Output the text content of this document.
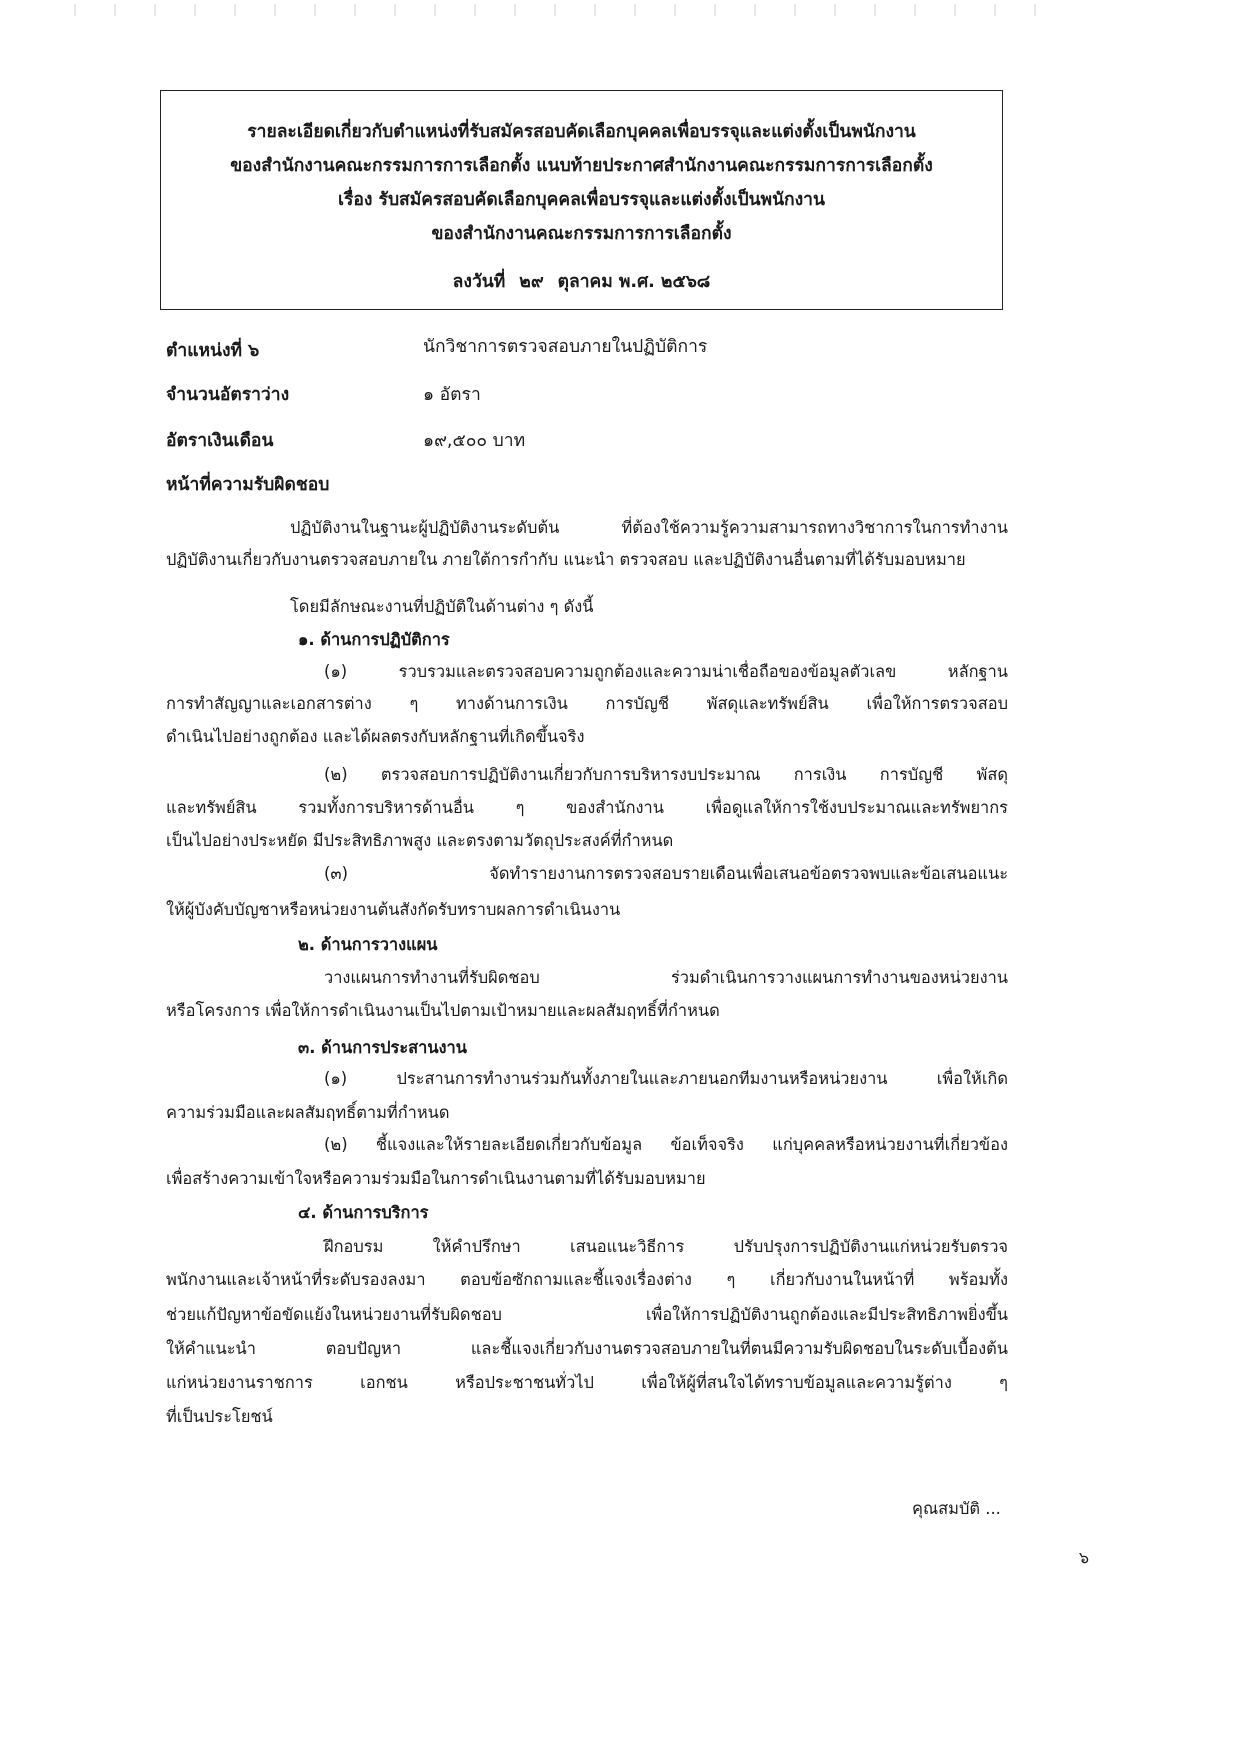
รายละเอียดเกี่ยวกับตำแหน่งที่รับสมัครสอบคัดเลือกบุคคลเพื่อบรรจุและแต่งตั้งเป็นพนักงาน
ของสำนักงานคณะกรรมการการเลือกตั้ง แนบท้ายประกาศสำนักงานคณะกรรมการการเลือกตั้ง
เรื่อง รับสมัครสอบคัดเลือกบุคคลเพื่อบรรจุและแต่งตั้งเป็นพนักงาน
ของสำนักงานคณะกรรมการการเลือกตั้ง
ลงวันที่ ๒๙ ตุลาคม พ.ศ. ๒๕๖๘
ตำแหน่งที่ ๖	นักวิชาการตรวจสอบภายในปฏิบัติการ
จำนวนอัตราว่าง	๑ อัตรา
อัตราเงินเดือน	๑๙,๕๐๐ บาท
หน้าที่ความรับผิดชอบ
ปฏิบัติงานในฐานะผู้ปฏิบัติงานระดับต้น ที่ต้องใช้ความรู้ความสามารถทางวิชาการในการทำงาน
ปฏิบัติงานเกี่ยวกับงานตรวจสอบภายใน ภายใต้การกำกับ แนะนำ ตรวจสอบ และปฏิบัติงานอื่นตามที่ได้รับมอบหมาย
โดยมีลักษณะงานที่ปฏิบัติในด้านต่าง ๆ ดังนี้
๑. ด้านการปฏิบัติการ
(๑) รวบรวมและตรวจสอบความถูกต้องและความน่าเชื่อถือของข้อมูลตัวเลข หลักฐาน
การทำสัญญาและเอกสารต่าง ๆ ทางด้านการเงิน การบัญชี พัสดุและทรัพย์สิน เพื่อให้การตรวจสอบ
ดำเนินไปอย่างถูกต้อง และได้ผลตรงกับหลักฐานที่เกิดขึ้นจริง
(๒) ตรวจสอบการปฏิบัติงานเกี่ยวกับการบริหารงบประมาณ การเงิน การบัญชี พัสดุ
และทรัพย์สิน รวมทั้งการบริหารด้านอื่น ๆ ของสำนักงาน เพื่อดูแลให้การใช้งบประมาณและทรัพยากร
เป็นไปอย่างประหยัด มีประสิทธิภาพสูง และตรงตามวัตถุประสงค์ที่กำหนด
(๓) จัดทำรายงานการตรวจสอบรายเดือนเพื่อเสนอข้อตรวจพบและข้อเสนอแนะ
ให้ผู้บังคับบัญชาหรือหน่วยงานต้นสังกัดรับทราบผลการดำเนินงาน
๒. ด้านการวางแผน
วางแผนการทำงานที่รับผิดชอบ ร่วมดำเนินการวางแผนการทำงานของหน่วยงาน
หรือโครงการ เพื่อให้การดำเนินงานเป็นไปตามเป้าหมายและผลสัมฤทธิ์ที่กำหนด
๓. ด้านการประสานงาน
(๑) ประสานการทำงานร่วมกันทั้งภายในและภายนอกทีมงานหรือหน่วยงาน เพื่อให้เกิด
ความร่วมมือและผลสัมฤทธิ์ตามที่กำหนด
(๒) ชี้แจงและให้รายละเอียดเกี่ยวกับข้อมูล ข้อเท็จจริง แก่บุคคลหรือหน่วยงานที่เกี่ยวข้อง
เพื่อสร้างความเข้าใจหรือความร่วมมือในการดำเนินงานตามที่ได้รับมอบหมาย
๔. ด้านการบริการ
ฝึกอบรม ให้คำปรึกษา เสนอแนะวิธีการ ปรับปรุงการปฏิบัติงานแก่หน่วยรับตรวจ
พนักงานและเจ้าหน้าที่ระดับรองลงมา ตอบข้อซักถามและชี้แจงเรื่องต่าง ๆ เกี่ยวกับงานในหน้าที่ พร้อมทั้ง
ช่วยแก้ปัญหาข้อขัดแย้งในหน่วยงานที่รับผิดชอบ เพื่อให้การปฏิบัติงานถูกต้องและมีประสิทธิภาพยิ่งขึ้น
ให้คำแนะนำ ตอบปัญหา และชี้แจงเกี่ยวกับงานตรวจสอบภายในที่ตนมีความรับผิดชอบในระดับเบื้องต้น
แก่หน่วยงานราชการ เอกชน หรือประชาชนทั่วไป เพื่อให้ผู้ที่สนใจได้ทราบข้อมูลและความรู้ต่าง ๆ
ที่เป็นประโยชน์
คุณสมบัติ ...
๖
